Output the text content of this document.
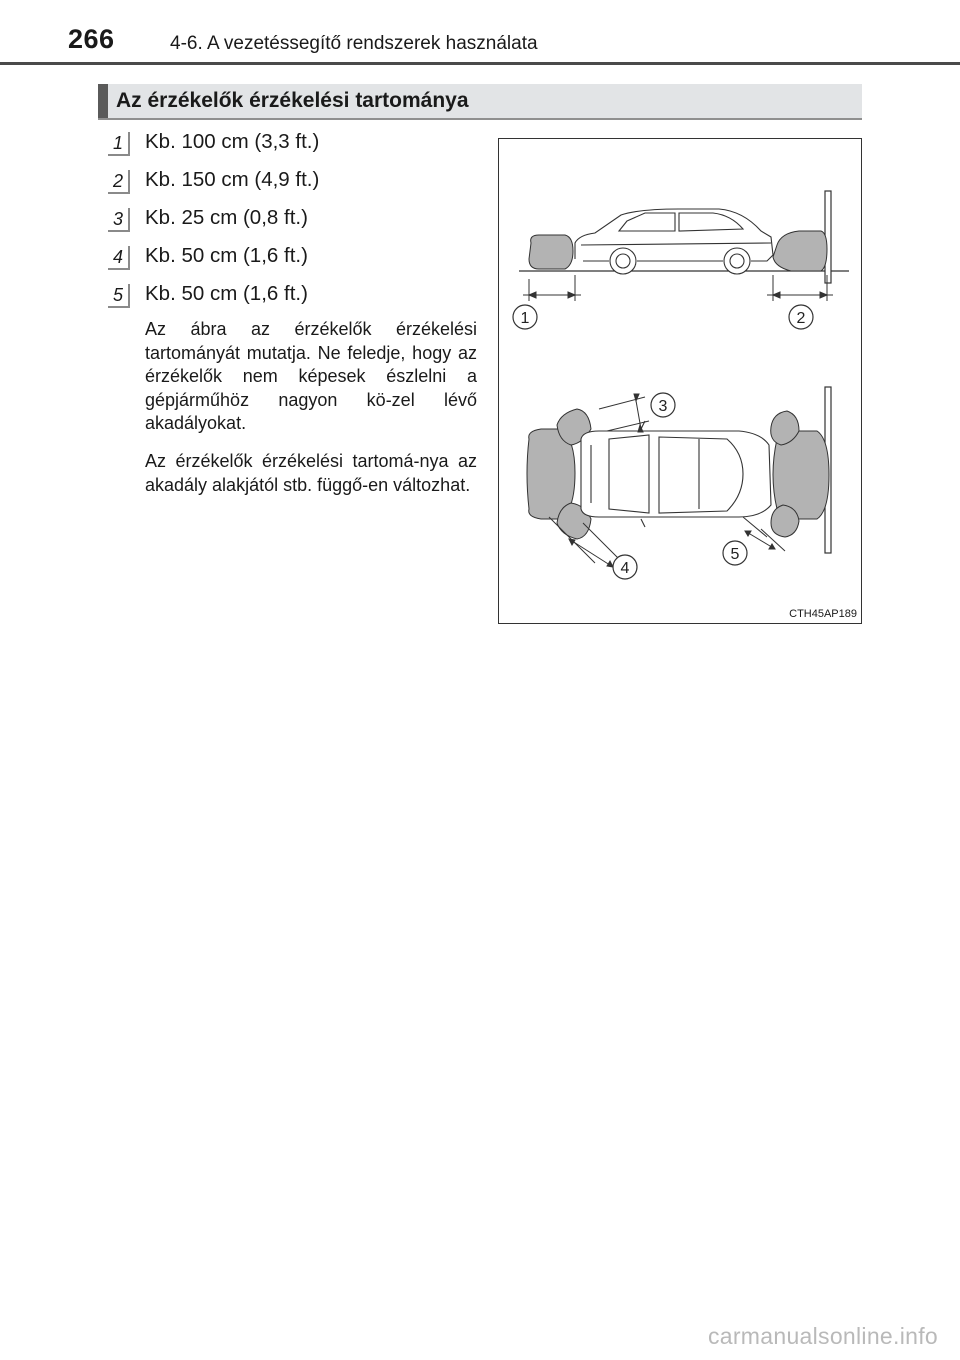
266	4-6. A vezetéssegítő rendszerek használata
Az érzékelők érzékelési tartománya
1	Kb. 100 cm (3,3 ft.)
2	Kb. 150 cm (4,9 ft.)
3	Kb. 25 cm (0,8 ft.)
4	Kb. 50 cm (1,6 ft.)
5	Kb. 50 cm (1,6 ft.)

Az ábra az érzékelők érzékelési tartományát mutatja. Ne feledje, hogy az érzékelők nem képesek észlelni a gépjárműhöz nagyon kö-zel lévő akadályokat.

Az érzékelők érzékelési tartomá-nya az akadály alakjától stb. függő-en változhat.

1	2
3
4
5
CTH45AP189
carmanualsonline.info
